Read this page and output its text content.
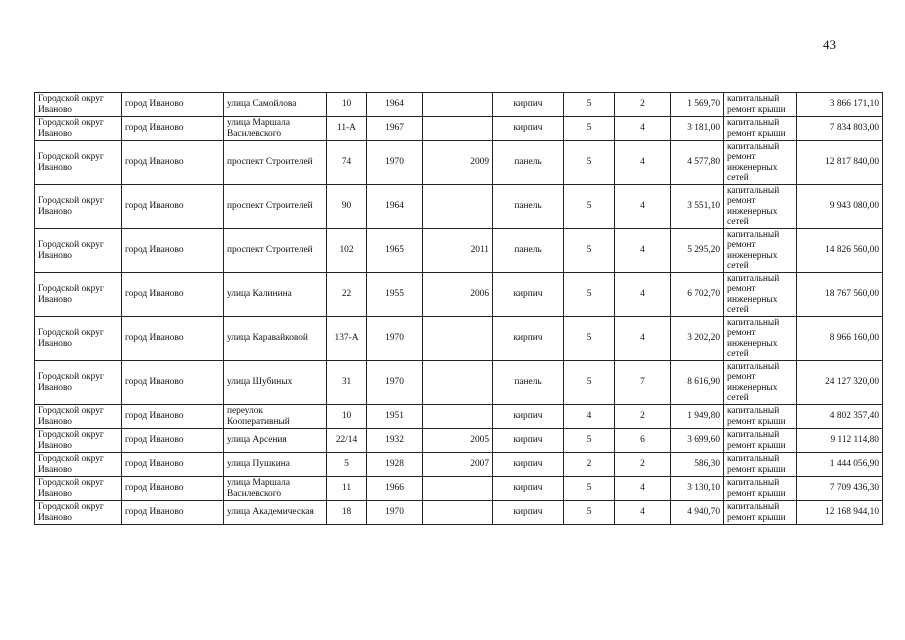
43
Городской округ Иваново	город Иваново	улица Самойлова	10	1964		кирпич	5	2	1 569,70	капитальный ремонт крыши	3 866 171,10
Городской округ Иваново	город Иваново	улица Маршала Василевского	11-А	1967		кирпич	5	4	3 181,00	капитальный ремонт крыши	7 834 803,00
Городской округ Иваново	город Иваново	проспект Строителей	74	1970	2009	панель	5	4	4 577,80	капитальный ремонт инженерных сетей	12 817 840,00
Городской округ Иваново	город Иваново	проспект Строителей	90	1964		панель	5	4	3 551,10	капитальный ремонт инженерных сетей	9 943 080,00
Городской округ Иваново	город Иваново	проспект Строителей	102	1965	2011	панель	5	4	5 295,20	капитальный ремонт инженерных сетей	14 826 560,00
Городской округ Иваново	город Иваново	улица Калинина	22	1955	2006	кирпич	5	4	6 702,70	капитальный ремонт инженерных сетей	18 767 560,00
Городской округ Иваново	город Иваново	улица Каравайковой	137-А	1970		кирпич	5	4	3 202,20	капитальный ремонт инженерных сетей	8 966 160,00
Городской округ Иваново	город Иваново	улица Шубиных	31	1970		панель	5	7	8 616,90	капитальный ремонт инженерных сетей	24 127 320,00
Городской округ Иваново	город Иваново	переулок Кооперативный	10	1951		кирпич	4	2	1 949,80	капитальный ремонт крыши	4 802 357,40
Городской округ Иваново	город Иваново	улица Арсения	22/14	1932	2005	кирпич	5	6	3 699,60	капитальный ремонт крыши	9 112 114,80
Городской округ Иваново	город Иваново	улица Пушкина	5	1928	2007	кирпич	2	2	586,30	капитальный ремонт крыши	1 444 056,90
Городской округ Иваново	город Иваново	улица Маршала Василевского	11	1966		кирпич	5	4	3 130,10	капитальный ремонт крыши	7 709 436,30
Городской округ Иваново	город Иваново	улица Академическая	18	1970		кирпич	5	4	4 940,70	капитальный ремонт крыши	12 168 944,10
